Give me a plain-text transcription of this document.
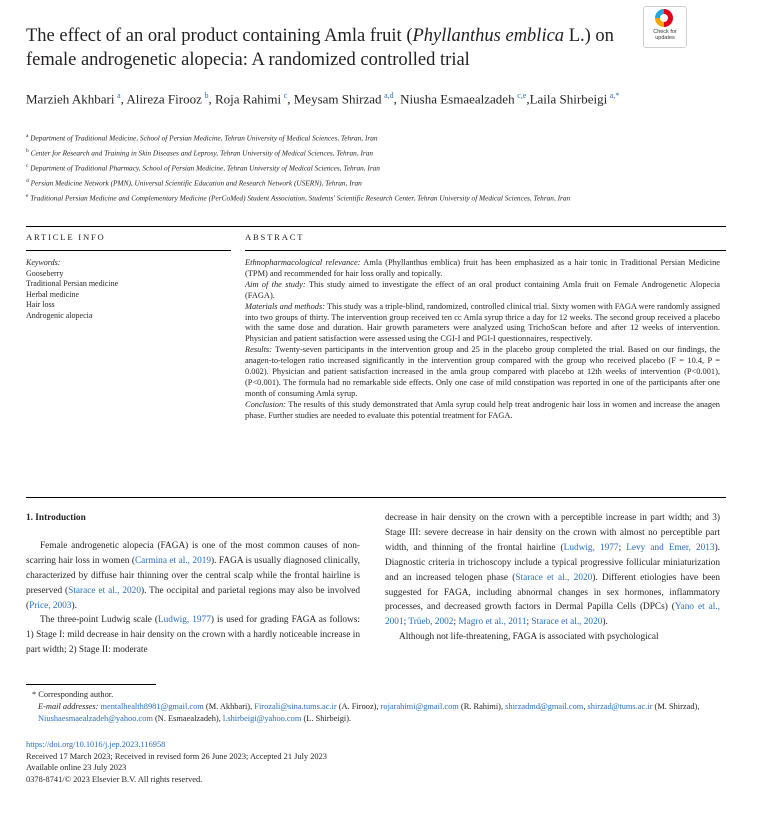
The effect of an oral product containing Amla fruit (Phyllanthus emblica L.) on female androgenetic alopecia: A randomized controlled trial
Check for
updates
Marzieh Akhbari  $^a$, Alireza Firooz  $^b$, Roja Rahimi  $^c$, Meysam Shirzad  $^{a,d}$, Niusha Esmaealzadeh  $^{c,e}$,Laila Shirbeigi  $^{a,*}$
$^a$ Department of Traditional Medicine, School of Persian Medicine, Tehran University of Medical Sciences, Tehran, Iran
$^b$ Center for Research and Training in Skin Diseases and Leprosy, Tehran University of Medical Sciences, Tehran, Iran
$^c$ Department of Traditional Pharmacy, School of Persian Medicine, Tehran University of Medical Sciences, Tehran, Iran
$^d$ Persian Medicine Network (PMN), Universal Scientific Education and Research Network (USERN), Tehran, Iran
$^e$ Traditional Persian Medicine and Complementary Medicine (PerCoMed) Student Association, Students' Scientific Research Center, Tehran University of Medical Sciences, Tehran, Iran
ARTICLE INFO
Keywords:
Gooseberry
Traditional Persian medicine
Herbal medicine
Hair loss
Androgenic alopecia
ABSTRACT

Ethnopharmacological relevance: Amla (Phyllanthus emblica) fruit has been emphasized as a hair tonic in Traditional Persian Medicine (TPM) and recommended for hair loss orally and topically.

Aim of the study: This study aimed to investigate the effect of an oral product containing Amla fruit on Female Androgenetic Alopecia (FAGA).

Materials and methods: This study was a triple-blind, randomized, controlled clinical trial. Sixty women with FAGA were randomly assigned into two groups of thirty. The intervention group received ten cc Amla syrup thrice a day for 12 weeks. The second group received a placebo with the same dose and duration. Hair growth parameters were analyzed using TrichoScan before and after 12 weeks of intervention. Physician and patient satisfaction were assessed using the CGI-I and PGI-I questionnaires, respectively.

Results: Twenty-seven participants in the intervention group and 25 in the placebo group completed the trial. Based on our findings, the anagen-to-telogen ratio increased significantly in the intervention group compared with the group who received placebo (F = 10.4, P = 0.002). Physician and patient satisfaction increased in the amla group compared with placebo at 12th weeks of intervention (P<0.001), (P<0.001). The formula had no remarkable side effects. Only one case of mild constipation was reported in one of the participants after one month of consuming Amla syrup.

Conclusion: The results of this study demonstrated that Amla syrup could help treat androgenic hair loss in women and increase the anagen phase. Further studies are needed to evaluate this potential treatment for FAGA.

1. Introduction

Female androgenetic alopecia (FAGA) is one of the most common causes of non-scarring hair loss in women (Carmina et al., 2019). FAGA is usually diagnosed clinically, characterized by diffuse hair thinning over the central scalp while the frontal hairline is preserved (Starace et al., 2020). The occipital and parietal regions may also be involved (Price, 2003).

The three-point Ludwig scale (Ludwig, 1977) is used for grading FAGA as follows: 1) Stage I: mild decrease in hair density on the crown with a hardly noticeable increase in part width; 2) Stage II: moderate

decrease in hair density on the crown with a perceptible increase in part width; and 3) Stage III: severe decrease in hair density on the crown with almost no perceptible part width, and thinning of the frontal hairline (Ludwig, 1977; Levy and Emer, 2013). Diagnostic criteria in trichoscopy include a typical progressive follicular miniaturization and an increased telogen phase (Starace et al., 2020). Different etiologies have been suggested for FAGA, including abnormal changes in sex hormones, inflammatory processes, and decreased growth factors in Dermal Papilla Cells (DPCs) (Yano et al., 2001; Trüeb, 2002; Magro et al., 2011; Starace et al., 2020).

Although not life-threatening, FAGA is associated with psychological

* Corresponding author.
E-mail addresses: mentalhealth8981@gmail.com (M. Akhbari), Firozali@sina.tums.ac.ir (A. Firooz), rojarahimi@gmail.com (R. Rahimi), shirzadmd@gmail.com, shirzad@tums.ac.ir (M. Shirzad), Niushaesmaealzadeh@yahoo.com (N. Esmaealzadeh), l.shirbeigi@yahoo.com (L. Shirbeigi).
https://doi.org/10.1016/j.jep.2023.116958
Received 17 March 2023; Received in revised form 26 June 2023; Accepted 21 July 2023
Available online 23 July 2023
0378-8741/© 2023 Elsevier B.V. All rights reserved.
